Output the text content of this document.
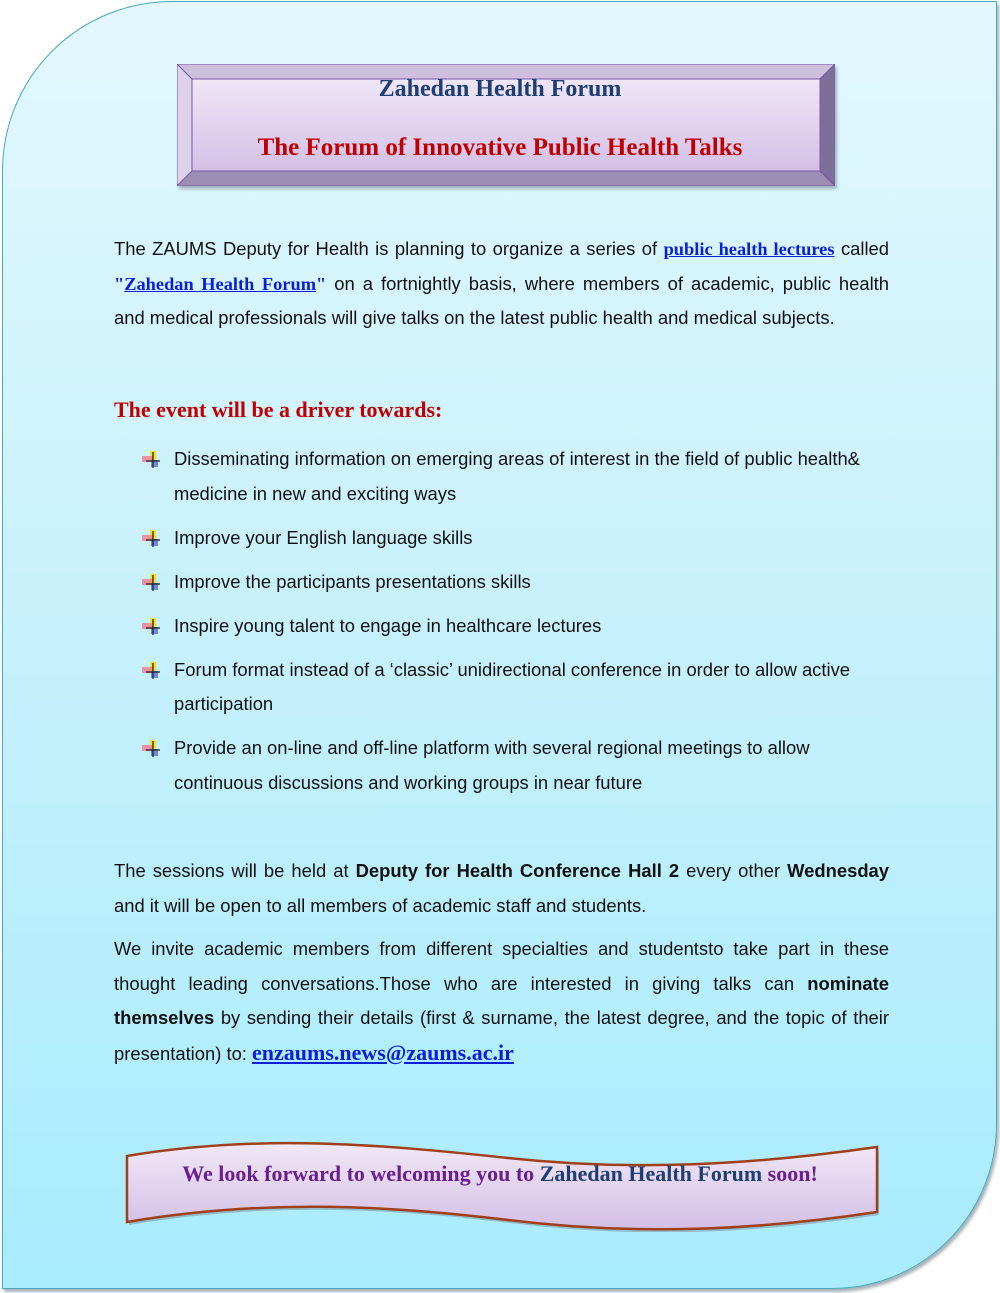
Zahedan Health Forum
The Forum of Innovative Public Health Talks

The ZAUMS Deputy for Health is planning to organize a series of public health lectures called "Zahedan Health Forum" on a fortnightly basis, where members of academic, public health and medical professionals will give talks on the latest public health and medical subjects.

The event will be a driver towards:
Disseminating information on emerging areas of interest in the field of public health& medicine in new and exciting ways
Improve your English language skills
Improve the participants presentations skills
Inspire young talent to engage in healthcare lectures
Forum format instead of a ‘classic’ unidirectional conference in order to allow active participation
Provide an on-line and off-line platform with several regional meetings to allow continuous discussions and working groups in near future

The sessions will be held at Deputy for Health Conference Hall 2 every other Wednesday and it will be open to all members of academic staff and students.

We invite academic members from different specialties and studentsto take part in these thought leading conversations.Those who are interested in giving talks can nominate themselves by sending their details (first & surname, the latest degree, and the topic of their presentation) to: enzaums.news@zaums.ac.ir

We look forward to welcoming you to Zahedan Health Forum soon!
